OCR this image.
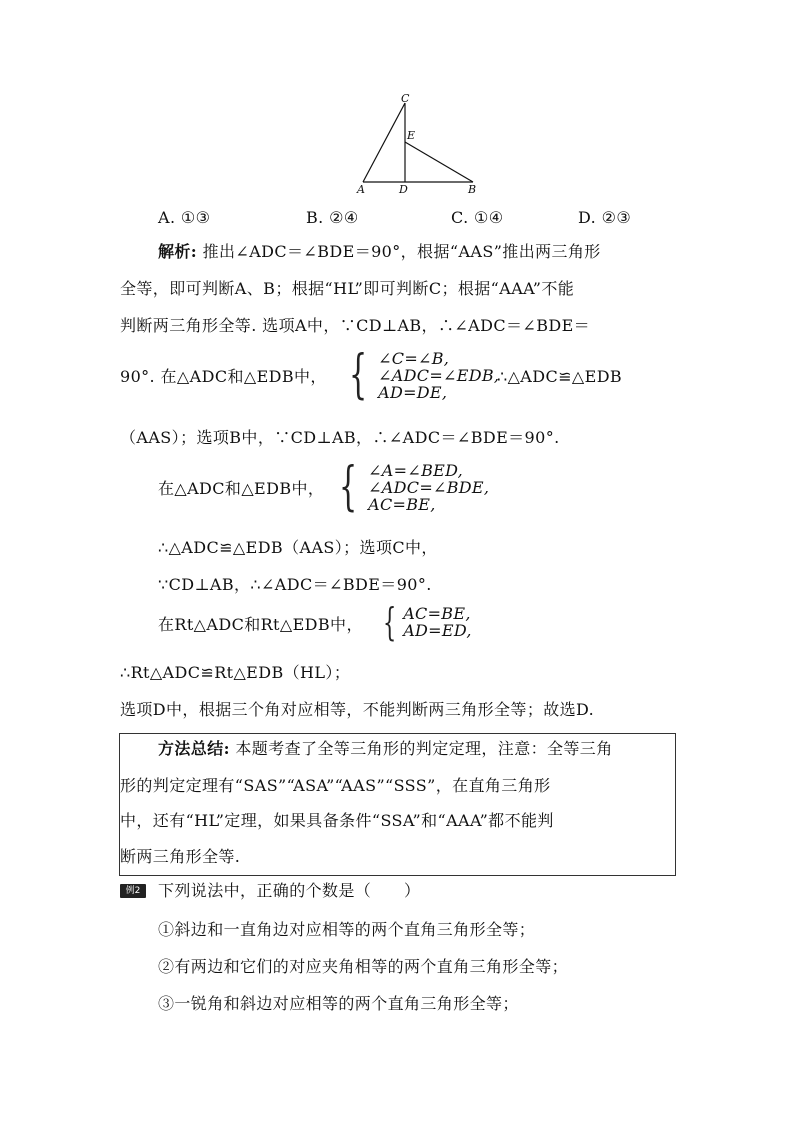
C
E
A	D	B
A. ①③	B. ②④	C. ①④	D. ②③
解析: 推出∠ADC＝∠BDE＝90°，根据“AAS”推出两三角形
全等，即可判断A、B；根据“HL”即可判断C；根据“AAA”不能
判断两三角形全等. 选项A中，∵CD⊥AB，∴∠ADC＝∠BDE＝
90°. 在△ADC和△EDB中， { ∠C=∠B,
∠ADC=∠EDB,
AD=DE,
∴△ADC≌△EDB
（AAS）；选项B中，∵CD⊥AB，∴∠ADC＝∠BDE＝90°.
在△ADC和△EDB中， { ∠A=∠BED,
∠ADC=∠BDE,
AC=BE,
∴△ADC≌△EDB（AAS）；选项C中，
∵CD⊥AB，∴∠ADC＝∠BDE＝90°.
在Rt△ADC和Rt△EDB中， { AC=BE,
AD=ED,
∴Rt△ADC≌Rt△EDB（HL）；
选项D中，根据三个角对应相等，不能判断两三角形全等；故选D.
方法总结: 本题考查了全等三角形的判定定理，注意：全等三角
形的判定定理有“SAS”“ASA”“AAS”“SSS”，在直角三角形
中，还有“HL”定理，如果具备条件“SSA”和“AAA”都不能判
断两三角形全等.
例2	下列说法中，正确的个数是（　　）
①斜边和一直角边对应相等的两个直角三角形全等；
②有两边和它们的对应夹角相等的两个直角三角形全等；
③一锐角和斜边对应相等的两个直角三角形全等；
